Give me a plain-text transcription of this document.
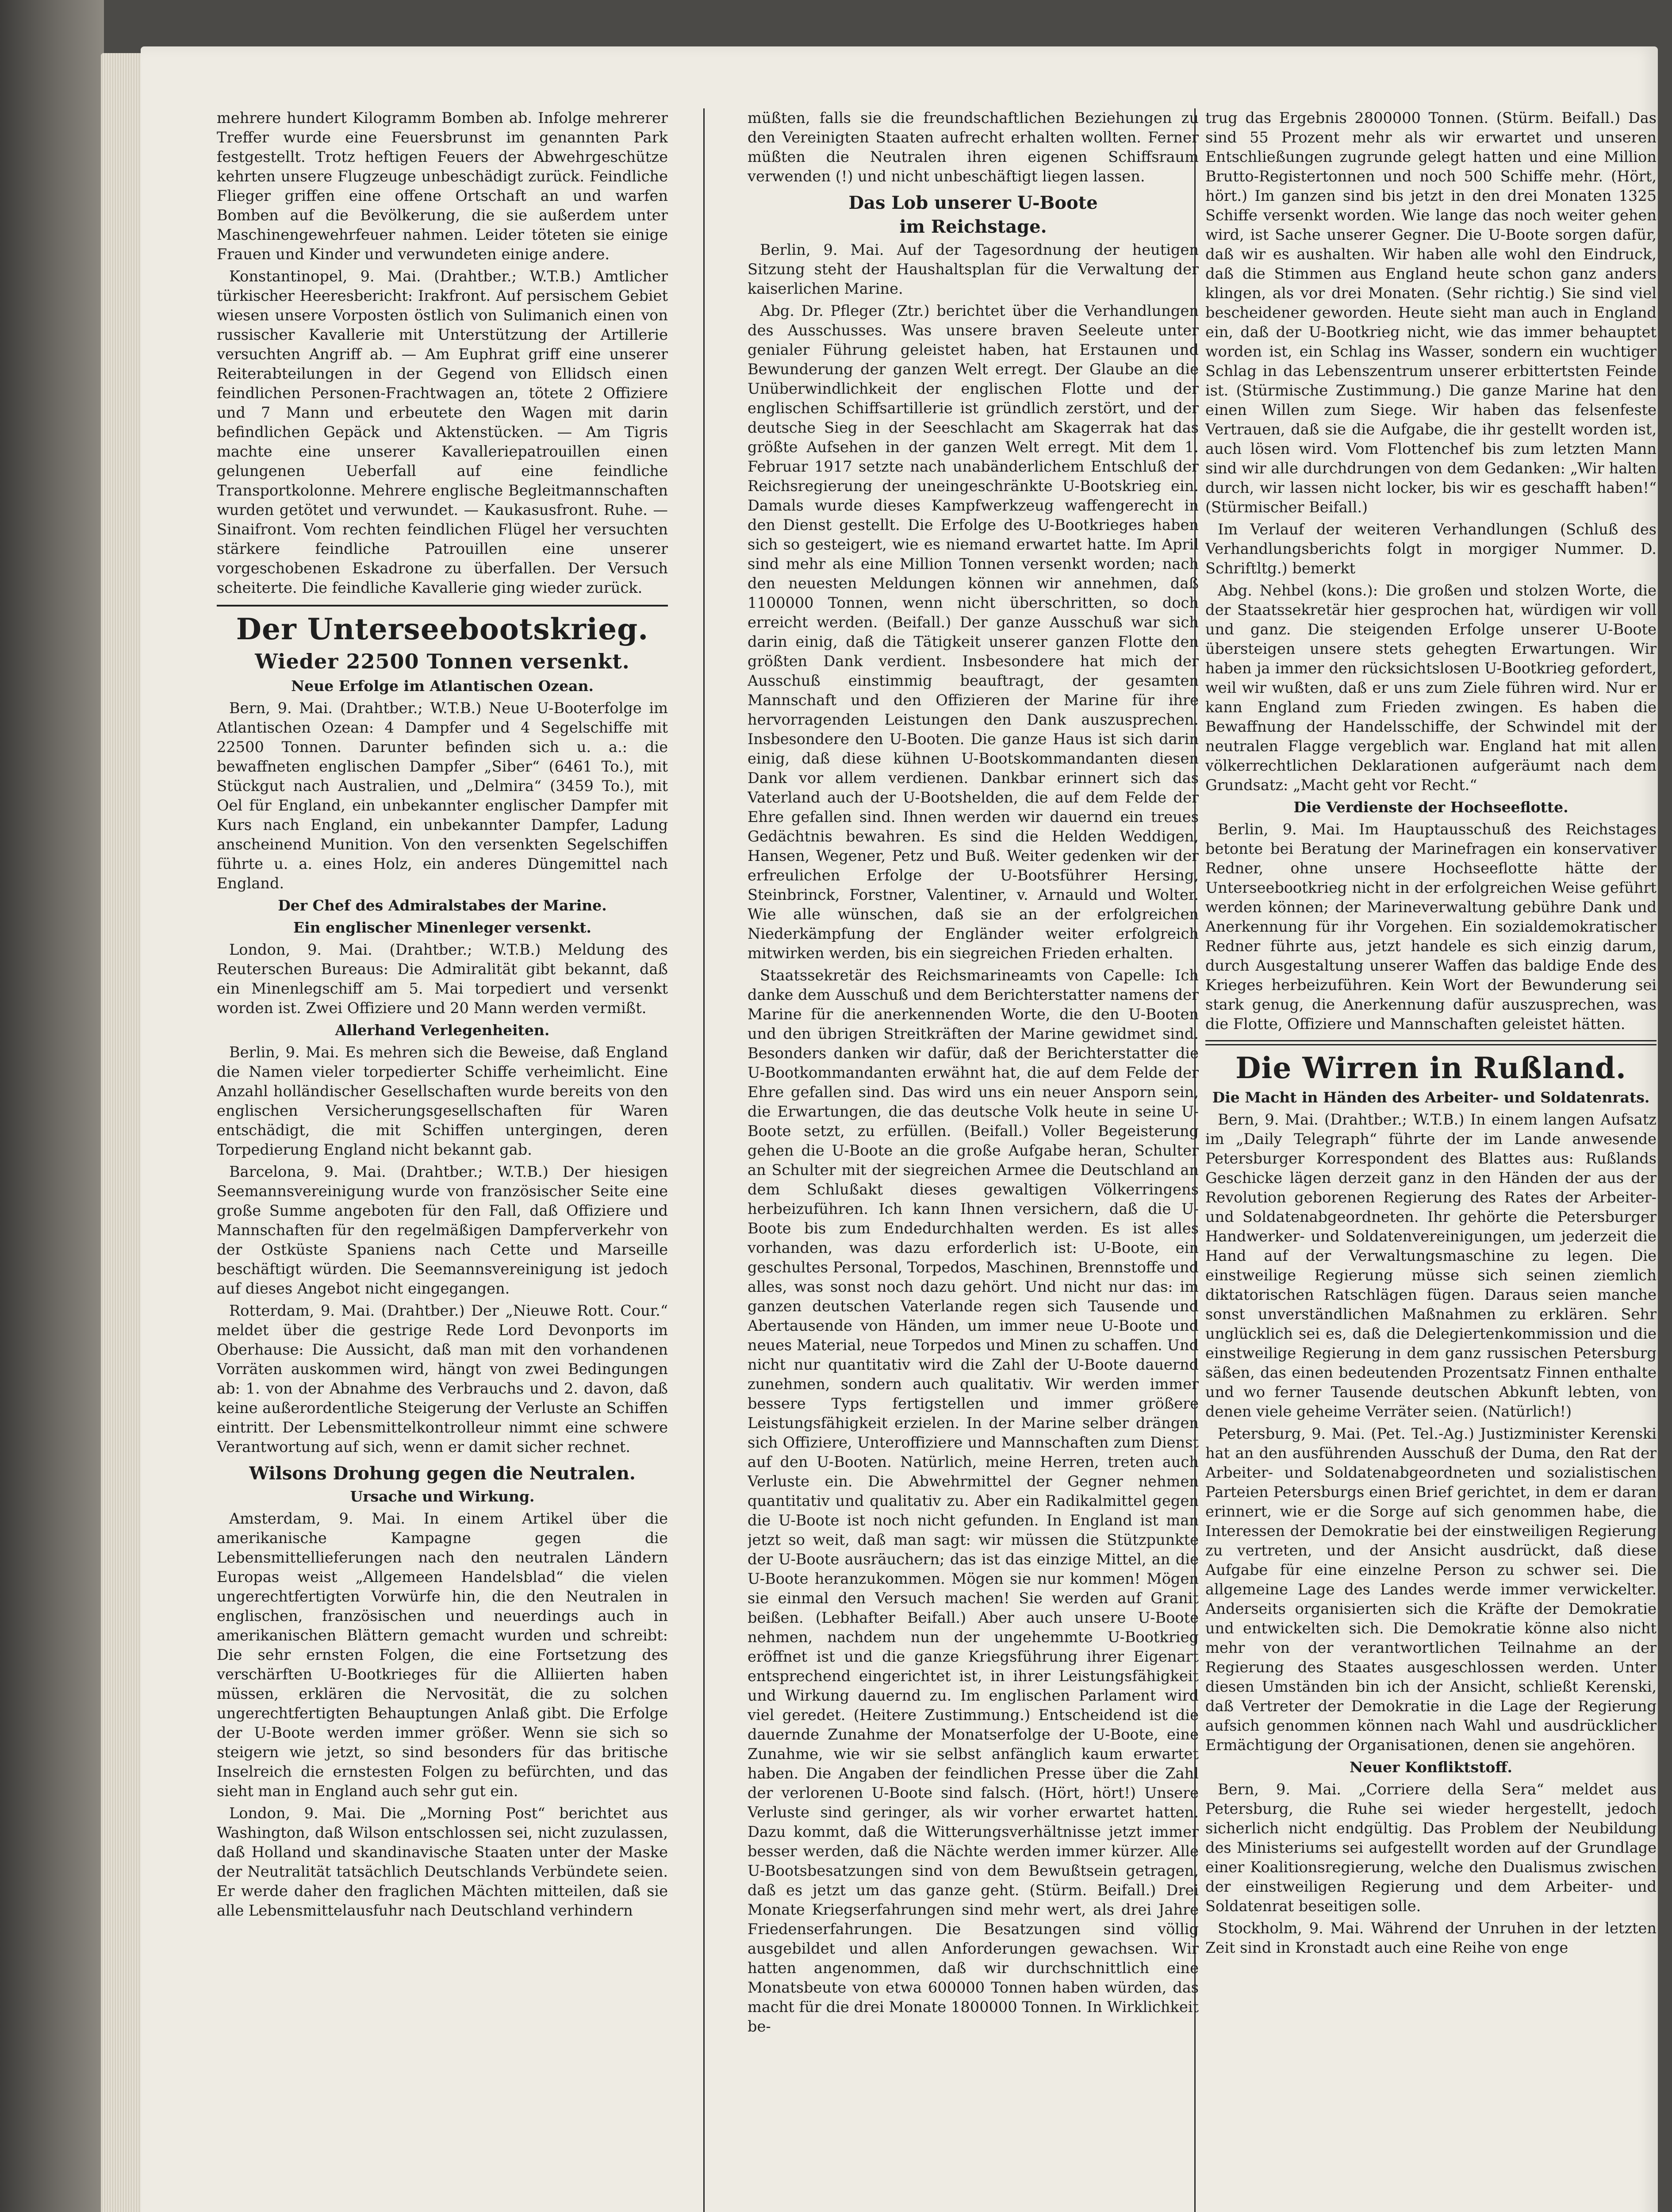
mehrere hundert Kilogramm Bomben ab. Infolge mehrerer Treffer wurde eine Feuersbrunst im genannten Park festgestellt. Trotz heftigen Feuers der Abwehrgeschütze kehrten unsere Flugzeuge unbeschädigt zurück. Feindliche Flieger griffen eine offene Ortschaft an und warfen Bomben auf die Bevölkerung, die sie außerdem unter Maschinengewehrfeuer nahmen. Leider töteten sie einige Frauen und Kinder und verwundeten einige andere.

Konstantinopel, 9. Mai. (Drahtber.; W.T.B.) Amtlicher türkischer Heeresbericht: Irakfront. Auf persischem Gebiet wiesen unsere Vorposten östlich von Sulimanich einen von russischer Kavallerie mit Unterstützung der Artillerie versuchten Angriff ab. — Am Euphrat griff eine unserer Reiterabteilungen in der Gegend von Ellidsch einen feindlichen Personen-Frachtwagen an, tötete 2 Offiziere und 7 Mann und erbeutete den Wagen mit darin befindlichen Gepäck und Aktenstücken. — Am Tigris machte eine unserer Kavalleriepatrouillen einen gelungenen Ueberfall auf eine feindliche Transportkolonne. Mehrere englische Begleitmannschaften wurden getötet und verwundet. — Kaukasusfront. Ruhe. — Sinaifront. Vom rechten feindlichen Flügel her versuchten stärkere feindliche Patrouillen eine unserer vorgeschobenen Eskadrone zu überfallen. Der Versuch scheiterte. Die feindliche Kavallerie ging wieder zurück.

Der Unterseebootskrieg.
Wieder 22500 Tonnen versenkt.
Neue Erfolge im Atlantischen Ozean.

Bern, 9. Mai. (Drahtber.; W.T.B.) Neue U-Booterfolge im Atlantischen Ozean: 4 Dampfer und 4 Segelschiffe mit 22500 Tonnen. Darunter befinden sich u. a.: die bewaffneten englischen Dampfer „Siber“ (6461 To.), mit Stückgut nach Australien, und „Delmira“ (3459 To.), mit Oel für England, ein unbekannter englischer Dampfer mit Kurs nach England, ein unbekannter Dampfer, Ladung anscheinend Munition. Von den versenkten Segelschiffen führte u. a. eines Holz, ein anderes Düngemittel nach England.

Der Chef des Admiralstabes der Marine.
Ein englischer Minenleger versenkt.

London, 9. Mai. (Drahtber.; W.T.B.) Meldung des Reuterschen Bureaus: Die Admiralität gibt bekannt, daß ein Minenlegschiff am 5. Mai torpediert und versenkt worden ist. Zwei Offiziere und 20 Mann werden vermißt.

Allerhand Verlegenheiten.

Berlin, 9. Mai. Es mehren sich die Beweise, daß England die Namen vieler torpedierter Schiffe verheimlicht. Eine Anzahl holländischer Gesellschaften wurde bereits von den englischen Versicherungsgesellschaften für Waren entschädigt, die mit Schiffen untergingen, deren Torpedierung England nicht bekannt gab.

Barcelona, 9. Mai. (Drahtber.; W.T.B.) Der hiesigen Seemannsvereinigung wurde von französischer Seite eine große Summe angeboten für den Fall, daß Offiziere und Mannschaften für den regelmäßigen Dampferverkehr von der Ostküste Spaniens nach Cette und Marseille beschäftigt würden. Die Seemannsvereinigung ist jedoch auf dieses Angebot nicht eingegangen.

Rotterdam, 9. Mai. (Drahtber.) Der „Nieuwe Rott. Cour.“ meldet über die gestrige Rede Lord Devonports im Oberhause: Die Aussicht, daß man mit den vorhandenen Vorräten auskommen wird, hängt von zwei Bedingungen ab: 1. von der Abnahme des Verbrauchs und 2. davon, daß keine außerordentliche Steigerung der Verluste an Schiffen eintritt. Der Lebensmittelkontrolleur nimmt eine schwere Verantwortung auf sich, wenn er damit sicher rechnet.

Wilsons Drohung gegen die Neutralen.
Ursache und Wirkung.

Amsterdam, 9. Mai. In einem Artikel über die amerikanische Kampagne gegen die Lebensmittellieferungen nach den neutralen Ländern Europas weist „Allgemeen Handelsblad“ die vielen ungerechtfertigten Vorwürfe hin, die den Neutralen in englischen, französischen und neuerdings auch in amerikanischen Blättern gemacht wurden und schreibt: Die sehr ernsten Folgen, die eine Fortsetzung des verschärften U-Bootkrieges für die Alliierten haben müssen, erklären die Nervosität, die zu solchen ungerechtfertigten Behauptungen Anlaß gibt. Die Erfolge der U-Boote werden immer größer. Wenn sie sich so steigern wie jetzt, so sind besonders für das britische Inselreich die ernstesten Folgen zu befürchten, und das sieht man in England auch sehr gut ein.

London, 9. Mai. Die „Morning Post“ berichtet aus Washington, daß Wilson entschlossen sei, nicht zuzulassen, daß Holland und skandinavische Staaten unter der Maske der Neutralität tatsächlich Deutschlands Verbündete seien. Er werde daher den fraglichen Mächten mitteilen, daß sie alle Lebensmittelausfuhr nach Deutschland verhindern

müßten, falls sie die freundschaftlichen Beziehungen zu den Vereinigten Staaten aufrecht erhalten wollten. Ferner müßten die Neutralen ihren eigenen Schiffsraum verwenden (!) und nicht unbeschäftigt liegen lassen.

Das Lob unserer U-Boote
im Reichstage.

Berlin, 9. Mai. Auf der Tagesordnung der heutigen Sitzung steht der Haushaltsplan für die Verwaltung der kaiserlichen Marine.

Abg. Dr. Pfleger (Ztr.) berichtet über die Verhandlungen des Ausschusses. Was unsere braven Seeleute unter genialer Führung geleistet haben, hat Erstaunen und Bewunderung der ganzen Welt erregt. Der Glaube an die Unüberwindlichkeit der englischen Flotte und der englischen Schiffsartillerie ist gründlich zerstört, und der deutsche Sieg in der Seeschlacht am Skagerrak hat das größte Aufsehen in der ganzen Welt erregt. Mit dem 1. Februar 1917 setzte nach unabänderlichem Entschluß der Reichsregierung der uneingeschränkte U-Bootskrieg ein. Damals wurde dieses Kampfwerkzeug waffengerecht in den Dienst gestellt. Die Erfolge des U-Bootkrieges haben sich so gesteigert, wie es niemand erwartet hatte. Im April sind mehr als eine Million Tonnen versenkt worden; nach den neuesten Meldungen können wir annehmen, daß 1100000 Tonnen, wenn nicht überschritten, so doch erreicht werden. (Beifall.) Der ganze Ausschuß war sich darin einig, daß die Tätigkeit unserer ganzen Flotte den größten Dank verdient. Insbesondere hat mich der Ausschuß einstimmig beauftragt, der gesamten Mannschaft und den Offizieren der Marine für ihre hervorragenden Leistungen den Dank auszusprechen. Insbesondere den U-Booten. Die ganze Haus ist sich darin einig, daß diese kühnen U-Bootskommandanten diesen Dank vor allem verdienen. Dankbar erinnert sich das Vaterland auch der U-Bootshelden, die auf dem Felde der Ehre gefallen sind. Ihnen werden wir dauernd ein treues Gedächtnis bewahren. Es sind die Helden Weddigen, Hansen, Wegener, Petz und Buß. Weiter gedenken wir der erfreulichen Erfolge der U-Bootsführer Hersing, Steinbrinck, Forstner, Valentiner, v. Arnauld und Wolter. Wie alle wünschen, daß sie an der erfolgreichen Niederkämpfung der Engländer weiter erfolgreich mitwirken werden, bis ein siegreichen Frieden erhalten.

Staatssekretär des Reichsmarineamts von Capelle: Ich danke dem Ausschuß und dem Berichterstatter namens der Marine für die anerkennenden Worte, die den U-Booten und den übrigen Streitkräften der Marine gewidmet sind. Besonders danken wir dafür, daß der Berichterstatter die U-Bootkommandanten erwähnt hat, die auf dem Felde der Ehre gefallen sind. Das wird uns ein neuer Ansporn sein, die Erwartungen, die das deutsche Volk heute in seine U-Boote setzt, zu erfüllen. (Beifall.) Voller Begeisterung gehen die U-Boote an die große Aufgabe heran, Schulter an Schulter mit der siegreichen Armee die Deutschland an dem Schlußakt dieses gewaltigen Völkerringens herbeizuführen. Ich kann Ihnen versichern, daß die U-Boote bis zum Endedurchhalten werden. Es ist alles vorhanden, was dazu erforderlich ist: U-Boote, ein geschultes Personal, Torpedos, Maschinen, Brennstoffe und alles, was sonst noch dazu gehört. Und nicht nur das: im ganzen deutschen Vaterlande regen sich Tausende und Abertausende von Händen, um immer neue U-Boote und neues Material, neue Torpedos und Minen zu schaffen. Und nicht nur quantitativ wird die Zahl der U-Boote dauernd zunehmen, sondern auch qualitativ. Wir werden immer bessere Typs fertigstellen und immer größere Leistungsfähigkeit erzielen. In der Marine selber drängen sich Offiziere, Unteroffiziere und Mannschaften zum Dienst auf den U-Booten. Natürlich, meine Herren, treten auch Verluste ein. Die Abwehrmittel der Gegner nehmen quantitativ und qualitativ zu. Aber ein Radikalmittel gegen die U-Boote ist noch nicht gefunden. In England ist man jetzt so weit, daß man sagt: wir müssen die Stützpunkte der U-Boote ausräuchern; das ist das einzige Mittel, an die U-Boote heranzukommen. Mögen sie nur kommen! Mögen sie einmal den Versuch machen! Sie werden auf Granit beißen. (Lebhafter Beifall.) Aber auch unsere U-Boote nehmen, nachdem nun der ungehemmte U-Bootkrieg eröffnet ist und die ganze Kriegsführung ihrer Eigenart entsprechend eingerichtet ist, in ihrer Leistungsfähigkeit und Wirkung dauernd zu. Im englischen Parlament wird viel geredet. (Heitere Zustimmung.) Entscheidend ist die dauernde Zunahme der Monatserfolge der U-Boote, eine Zunahme, wie wir sie selbst anfänglich kaum erwartet haben. Die Angaben der feindlichen Presse über die Zahl der verlorenen U-Boote sind falsch. (Hört, hört!) Unsere Verluste sind geringer, als wir vorher erwartet hatten. Dazu kommt, daß die Witterungsverhältnisse jetzt immer besser werden, daß die Nächte werden immer kürzer. Alle U-Bootsbesatzungen sind von dem Bewußtsein getragen, daß es jetzt um das ganze geht. (Stürm. Beifall.) Drei Monate Kriegserfahrungen sind mehr wert, als drei Jahre Friedenserfahrungen. Die Besatzungen sind völlig ausgebildet und allen Anforderungen gewachsen. Wir hatten angenommen, daß wir durchschnittlich eine Monatsbeute von etwa 600000 Tonnen haben würden, das macht für die drei Monate 1800000 Tonnen. In Wirklichkeit be-

trug das Ergebnis 2800000 Tonnen. (Stürm. Beifall.) Das sind 55 Prozent mehr als wir erwartet und unseren Entschließungen zugrunde gelegt hatten und eine Million Brutto-Registertonnen und noch 500 Schiffe mehr. (Hört, hört.) Im ganzen sind bis jetzt in den drei Monaten 1325 Schiffe versenkt worden. Wie lange das noch weiter gehen wird, ist Sache unserer Gegner. Die U-Boote sorgen dafür, daß wir es aushalten. Wir haben alle wohl den Eindruck, daß die Stimmen aus England heute schon ganz anders klingen, als vor drei Monaten. (Sehr richtig.) Sie sind viel bescheidener geworden. Heute sieht man auch in England ein, daß der U-Bootkrieg nicht, wie das immer behauptet worden ist, ein Schlag ins Wasser, sondern ein wuchtiger Schlag in das Lebenszentrum unserer erbittertsten Feinde ist. (Stürmische Zustimmung.) Die ganze Marine hat den einen Willen zum Siege. Wir haben das felsenfeste Vertrauen, daß sie die Aufgabe, die ihr gestellt worden ist, auch lösen wird. Vom Flottenchef bis zum letzten Mann sind wir alle durchdrungen von dem Gedanken: „Wir halten durch, wir lassen nicht locker, bis wir es geschafft haben!“ (Stürmischer Beifall.)

Im Verlauf der weiteren Verhandlungen (Schluß des Verhandlungsberichts folgt in morgiger Nummer. D. Schriftltg.) bemerkt

Abg. Nehbel (kons.): Die großen und stolzen Worte, die der Staatssekretär hier gesprochen hat, würdigen wir voll und ganz. Die steigenden Erfolge unserer U-Boote übersteigen unsere stets gehegten Erwartungen. Wir haben ja immer den rücksichtslosen U-Bootkrieg gefordert, weil wir wußten, daß er uns zum Ziele führen wird. Nur er kann England zum Frieden zwingen. Es haben die Bewaffnung der Handelsschiffe, der Schwindel mit der neutralen Flagge vergeblich war. England hat mit allen völkerrechtlichen Deklarationen aufgeräumt nach dem Grundsatz: „Macht geht vor Recht.“

Die Verdienste der Hochseeflotte.

Berlin, 9. Mai. Im Hauptausschuß des Reichstages betonte bei Beratung der Marinefragen ein konservativer Redner, ohne unsere Hochseeflotte hätte der Unterseebootkrieg nicht in der erfolgreichen Weise geführt werden können; der Marineverwaltung gebühre Dank und Anerkennung für ihr Vorgehen. Ein sozialdemokratischer Redner führte aus, jetzt handele es sich einzig darum, durch Ausgestaltung unserer Waffen das baldige Ende des Krieges herbeizuführen. Kein Wort der Bewunderung sei stark genug, die Anerkennung dafür auszusprechen, was die Flotte, Offiziere und Mannschaften geleistet hätten.

Die Wirren in Rußland.
Die Macht in Händen des Arbeiter- und Soldatenrats.

Bern, 9. Mai. (Drahtber.; W.T.B.) In einem langen Aufsatz im „Daily Telegraph“ führte der im Lande anwesende Petersburger Korrespondent des Blattes aus: Rußlands Geschicke lägen derzeit ganz in den Händen der aus der Revolution geborenen Regierung des Rates der Arbeiter- und Soldatenabgeordneten. Ihr gehörte die Petersburger Handwerker- und Soldatenvereinigungen, um jederzeit die Hand auf der Verwaltungsmaschine zu legen. Die einstweilige Regierung müsse sich seinen ziemlich diktatorischen Ratschlägen fügen. Daraus seien manche sonst unverständlichen Maßnahmen zu erklären. Sehr unglücklich sei es, daß die Delegiertenkommission und die einstweilige Regierung in dem ganz russischen Petersburg säßen, das einen bedeutenden Prozentsatz Finnen enthalte und wo ferner Tausende deutschen Abkunft lebten, von denen viele geheime Verräter seien. (Natürlich!)

Petersburg, 9. Mai. (Pet. Tel.-Ag.) Justizminister Kerenski hat an den ausführenden Ausschuß der Duma, den Rat der Arbeiter- und Soldatenabgeordneten und sozialistischen Parteien Petersburgs einen Brief gerichtet, in dem er daran erinnert, wie er die Sorge auf sich genommen habe, die Interessen der Demokratie bei der einstweiligen Regierung zu vertreten, und der Ansicht ausdrückt, daß diese Aufgabe für eine einzelne Person zu schwer sei. Die allgemeine Lage des Landes werde immer verwickelter. Anderseits organisierten sich die Kräfte der Demokratie und entwickelten sich. Die Demokratie könne also nicht mehr von der verantwortlichen Teilnahme an der Regierung des Staates ausgeschlossen werden. Unter diesen Umständen bin ich der Ansicht, schließt Kerenski, daß Vertreter der Demokratie in die Lage der Regierung aufsich genommen können nach Wahl und ausdrücklicher Ermächtigung der Organisationen, denen sie angehören.

Neuer Konfliktstoff.

Bern, 9. Mai. „Corriere della Sera“ meldet aus Petersburg, die Ruhe sei wieder hergestellt, jedoch sicherlich nicht endgültig. Das Problem der Neubildung des Ministeriums sei aufgestellt worden auf der Grundlage einer Koalitionsregierung, welche den Dualismus zwischen der einstweiligen Regierung und dem Arbeiter- und Soldatenrat beseitigen solle.

Stockholm, 9. Mai. Während der Unruhen in der letzten Zeit sind in Kronstadt auch eine Reihe von enge
